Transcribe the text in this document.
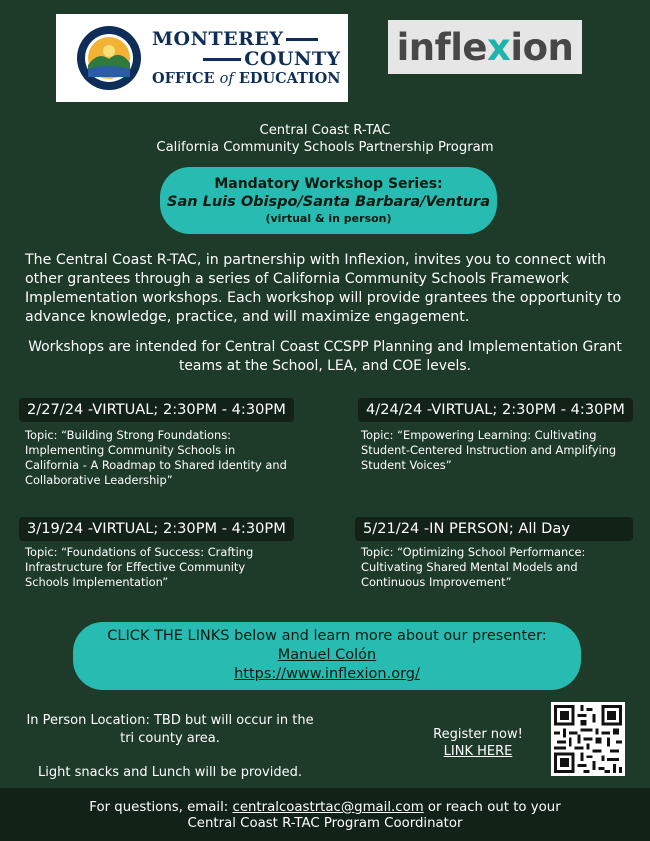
MONTEREY
COUNTY
OFFICE of EDUCATION
infle x ion
Central Coast R-TAC
California Community Schools Partnership Program
Mandatory Workshop Series:
San Luis Obispo/Santa Barbara/Ventura
(virtual & in person)
The Central Coast R-TAC, in partnership with Inflexion, invites you to connect with other grantees through a series of California Community Schools Framework Implementation workshops. Each workshop will provide grantees the opportunity to advance knowledge, practice, and will maximize engagement.
Workshops are intended for Central Coast CCSPP Planning and Implementation Grant teams at the School, LEA, and COE levels.
2/27/24 -VIRTUAL; 2:30PM - 4:30PM
Topic: “Building Strong Foundations: Implementing Community Schools in California - A Roadmap to Shared Identity and Collaborative Leadership”
4/24/24 -VIRTUAL; 2:30PM - 4:30PM
Topic: “Empowering Learning: Cultivating Student-Centered Instruction and Amplifying Student Voices”
3/19/24 -VIRTUAL; 2:30PM - 4:30PM
Topic: “Foundations of Success: Crafting Infrastructure for Effective Community Schools Implementation”
5/21/24 -IN PERSON; All Day
Topic: “Optimizing School Performance: Cultivating Shared Mental Models and Continuous Improvement”
CLICK THE LINKS below and learn more about our presenter:
Manuel Colón
https://www.inflexion.org/
In Person Location: TBD but will occur in the tri county area.
Light snacks and Lunch will be provided.
Register now!
LINK HERE
For questions, email: centralcoastrtac@gmail.com or reach out to your
Central Coast R-TAC Program Coordinator
